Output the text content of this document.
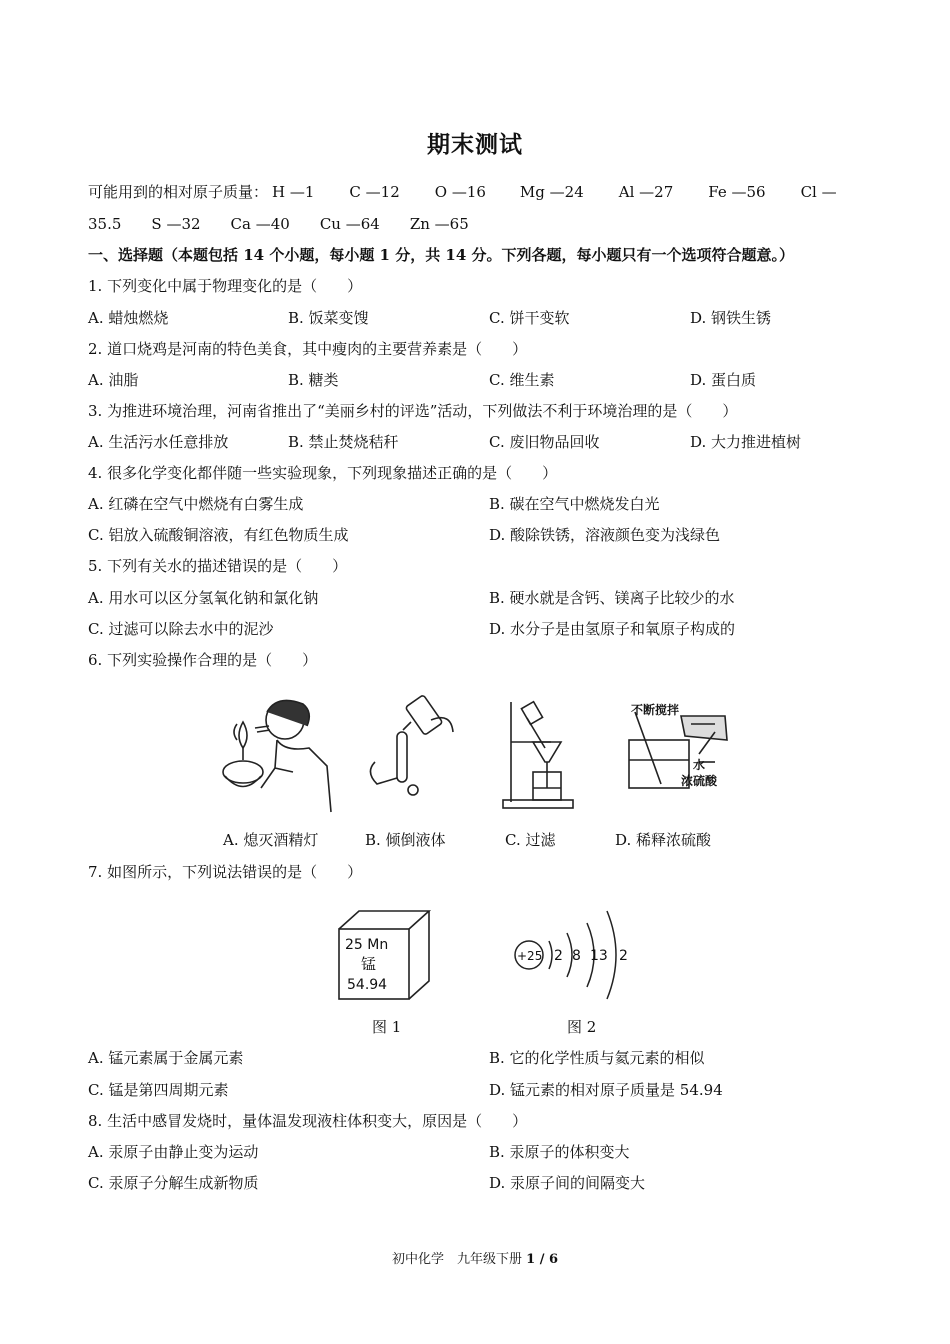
期末测试
可能用到的相对原子质量： H —1 C —12 O —16 Mg —24 Al —27 Fe —56 Cl —
35.5 S —32 Ca —40 Cu —64 Zn —65
一、选择题（本题包括 14 个小题，每小题 1 分，共 14 分。下列各题，每小题只有一个选项符合题意。）
1. 下列变化中属于物理变化的是（　　）
A. 蜡烛燃烧	B. 饭菜变馊	C. 饼干变软	D. 钢铁生锈
2. 道口烧鸡是河南的特色美食，其中瘦肉的主要营养素是（　　）
A. 油脂	B. 糖类	C. 维生素	D. 蛋白质
3. 为推进环境治理，河南省推出了“美丽乡村的评选”活动，下列做法不利于环境治理的是（　　）
A. 生活污水任意排放	B. 禁止焚烧秸秆	C. 废旧物品回收	D. 大力推进植树
4. 很多化学变化都伴随一些实验现象，下列现象描述正确的是（　　）
A. 红磷在空气中燃烧有白雾生成	B. 碳在空气中燃烧发白光
C. 铝放入硫酸铜溶液，有红色物质生成	D. 酸除铁锈，溶液颜色变为浅绿色
5. 下列有关水的描述错误的是（　　）
A. 用水可以区分氢氧化钠和氯化钠	B. 硬水就是含钙、镁离子比较少的水
C. 过滤可以除去水中的泥沙	D. 水分子是由氢原子和氧原子构成的
6. 下列实验操作合理的是（　　）
不断搅拌
水
浓硫酸
A. 熄灭酒精灯	B. 倾倒液体	C. 过滤	D. 稀释浓硫酸
7. 如图所示，下列说法错误的是（　　）
25 Mn
锰
54.94
+25 2 8 13 2
图 1	图 2
A. 锰元素属于金属元素	B. 它的化学性质与氦元素的相似
C. 锰是第四周期元素	D. 锰元素的相对原子质量是 54.94
8. 生活中感冒发烧时，量体温发现液柱体积变大，原因是（　　）
A. 汞原子由静止变为运动	B. 汞原子的体积变大
C. 汞原子分解生成新物质	D. 汞原子间的间隔变大
初中化学　九年级下册 1 / 6
